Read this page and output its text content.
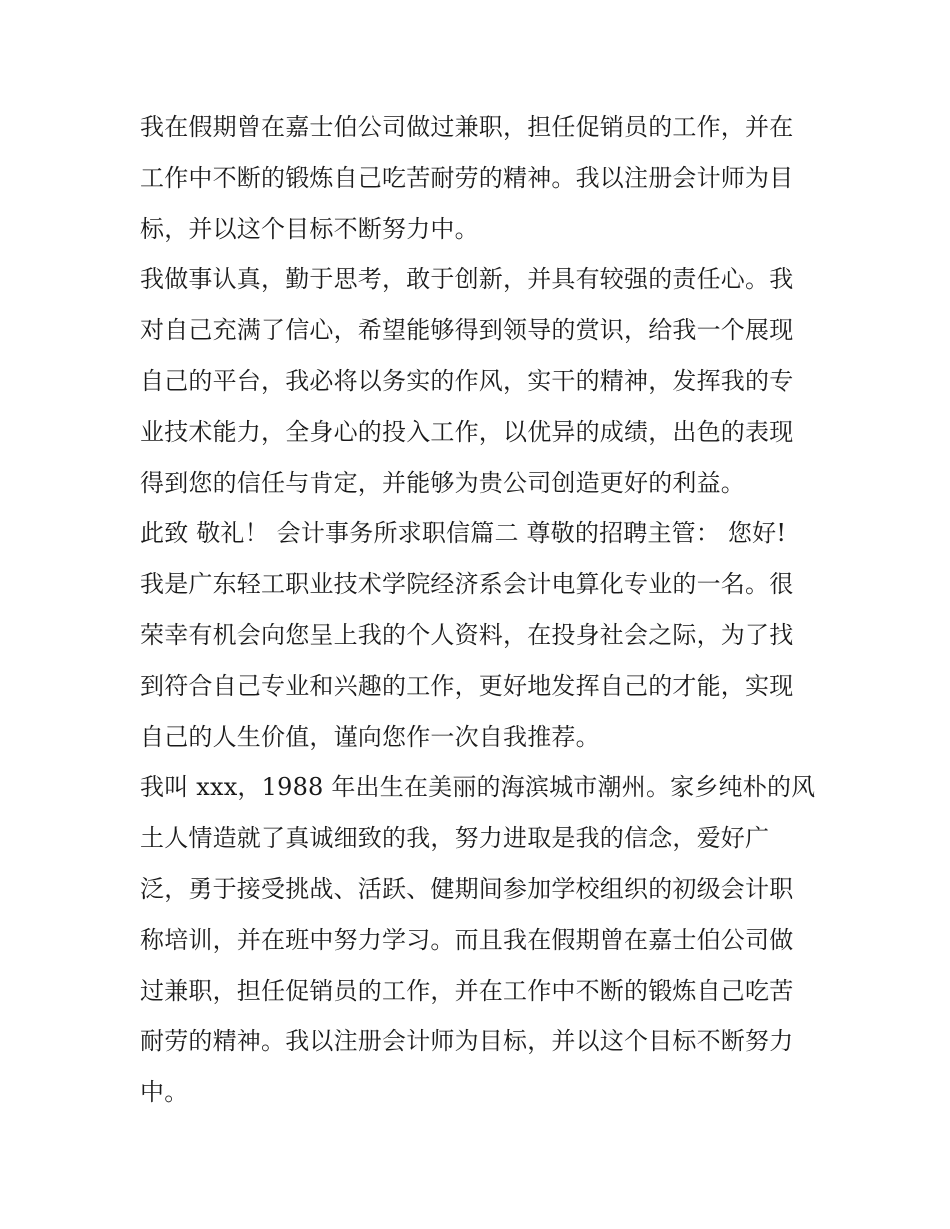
我在假期曾在嘉士伯公司做过兼职，担任促销员的工作，并在
工作中不断的锻炼自己吃苦耐劳的精神。我以注册会计师为目
标，并以这个目标不断努力中。
我做事认真，勤于思考，敢于创新，并具有较强的责任心。我
对自己充满了信心，希望能够得到领导的赏识，给我一个展现
自己的平台，我必将以务实的作风，实干的精神，发挥我的专
业技术能力，全身心的投入工作，以优异的成绩，出色的表现
得到您的信任与肯定，并能够为贵公司创造更好的利益。
此致 敬礼！ 会计事务所求职信篇二 尊敬的招聘主管： 您好!
我是广东轻工职业技术学院经济系会计电算化专业的一名。很
荣幸有机会向您呈上我的个人资料，在投身社会之际，为了找
到符合自己专业和兴趣的工作，更好地发挥自己的才能，实现
自己的人生价值，谨向您作一次自我推荐。
我叫 xxx，1988 年出生在美丽的海滨城市潮州。家乡纯朴的风
土人情造就了真诚细致的我，努力进取是我的信念，爱好广
泛，勇于接受挑战、活跃、健期间参加学校组织的初级会计职
称培训，并在班中努力学习。而且我在假期曾在嘉士伯公司做
过兼职，担任促销员的工作，并在工作中不断的锻炼自己吃苦
耐劳的精神。我以注册会计师为目标，并以这个目标不断努力
中。
